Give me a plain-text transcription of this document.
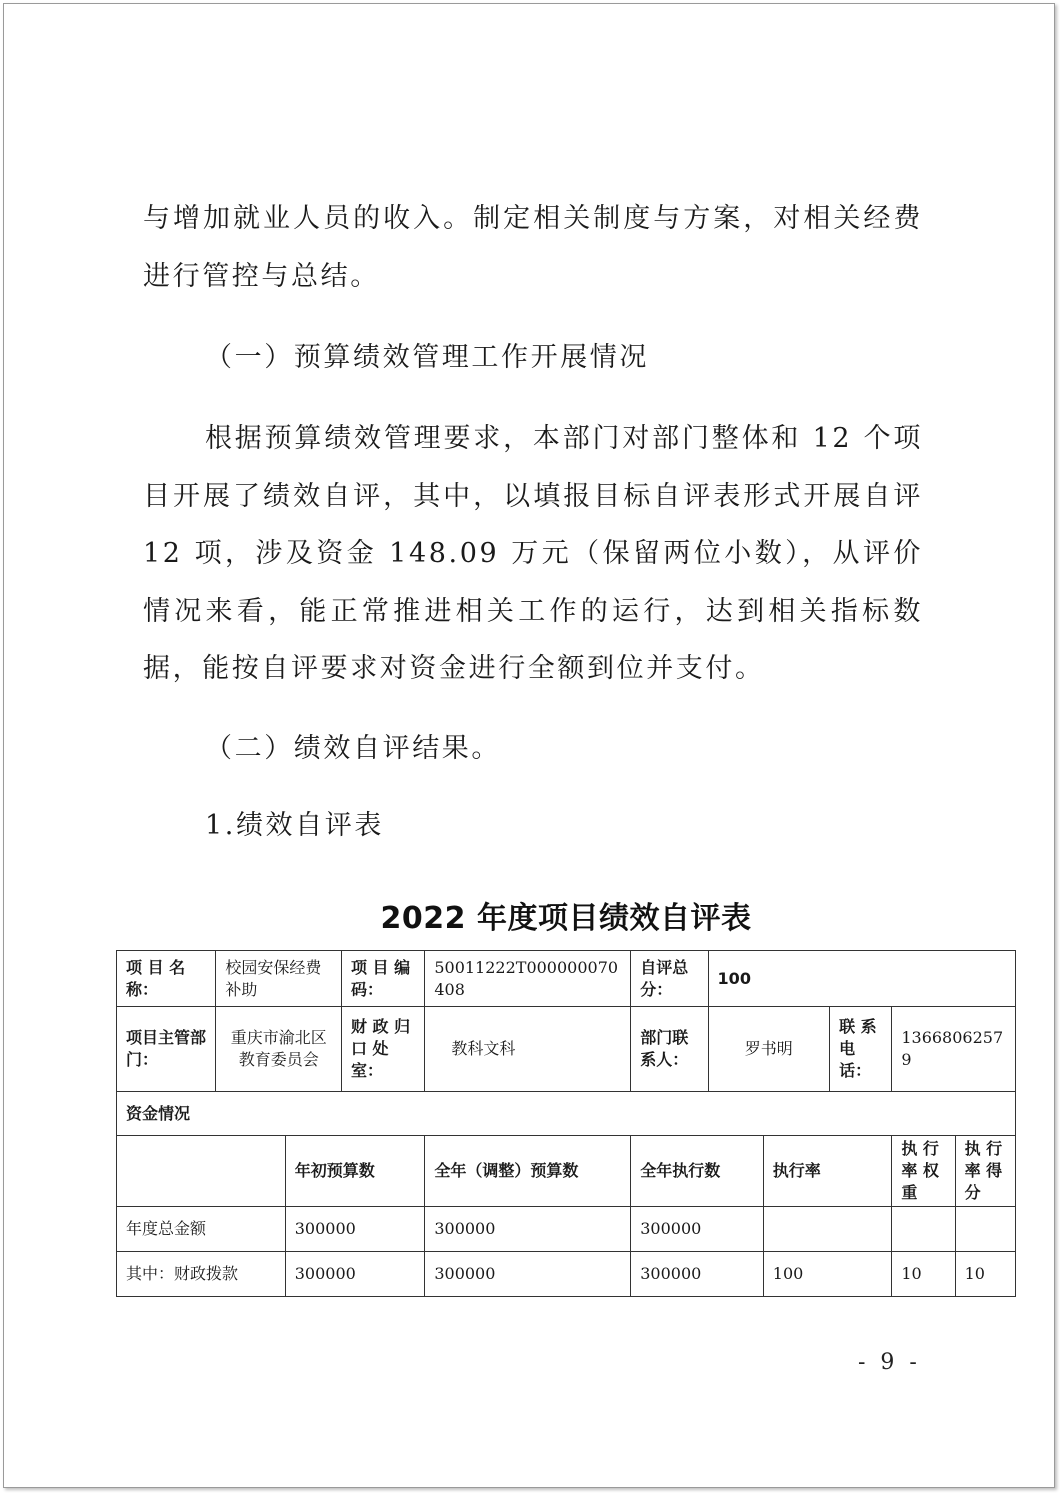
与增加就业人员的收入。制定相关制度与方案，对相关经费进行管控与总结。

（一）预算绩效管理工作开展情况

根据预算绩效管理要求，本部门对部门整体和 12 个项目开展了绩效自评，其中，以填报目标自评表形式开展自评 12 项，涉及资金 148.09 万元（保留两位小数），从评价情况来看，能正常推进相关工作的运行，达到相关指标数据，能按自评要求对资金进行全额到位并支付。

（二）绩效自评结果。

1.绩效自评表

2022 年度项目绩效自评表
项 目 名称：	校园安保经费补助		项 目 编码：	50011222T000000070408	自评总分：	100				
项目主管部门：	重庆市渝北区教育委员会		财 政 归口 处室：	教科文科	部门联系人：	罗书明		联 系 电话：	13668062579	
资金情况										
		年初预算数		全年（调整）预算数	全年执行数		执行率		执 行 率 权 重	执 行 率 得 分
年度总金额		300000		300000	300000					
其中：财政拨款		300000		300000	300000		100		10	10
- 9 -
